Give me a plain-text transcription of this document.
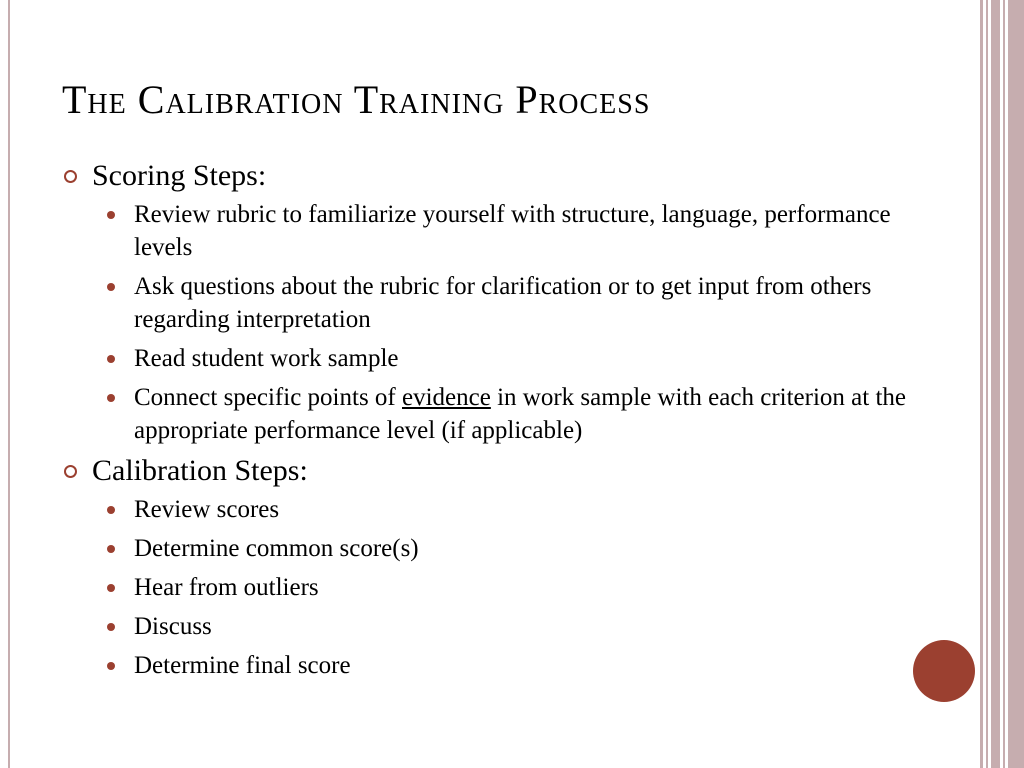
The Calibration Training Process
Scoring Steps:
Review rubric to familiarize yourself with structure, language, performance levels
Ask questions about the rubric for clarification or to get input from others regarding interpretation
Read student work sample
Connect specific points of evidence in work sample with each criterion at the appropriate performance level (if applicable)
Calibration Steps:
Review scores
Determine common score(s)
Hear from outliers
Discuss
Determine final score
